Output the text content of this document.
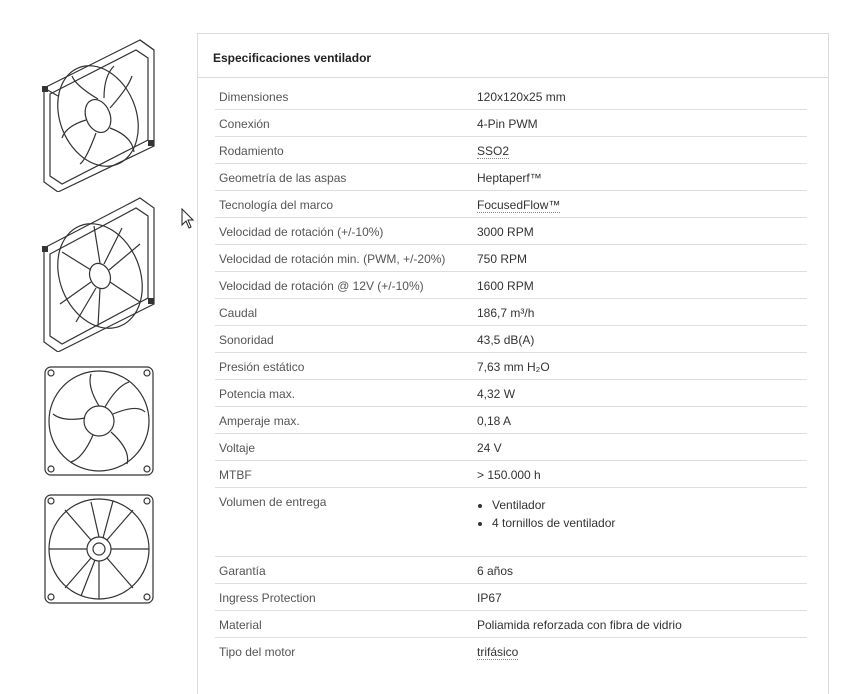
Especificaciones ventilador
Dimensiones	120x120x25 mm
Conexión	4-Pin PWM
Rodamiento	SSO2
Geometría de las aspas	Heptaperf™
Tecnología del marco	FocusedFlow™
Velocidad de rotación (+/-10%)	3000 RPM
Velocidad de rotación min. (PWM, +/-20%)	750 RPM
Velocidad de rotación @ 12V (+/-10%)	1600 RPM
Caudal	186,7 m³/h
Sonoridad	43,5 dB(A)
Presión estático	7,63 mm H₂O
Potencia max.	4,32 W
Amperaje max.	0,18 A
Voltaje	24 V
MTBF	> 150.000 h
Volumen de entrega
•	Ventilador
• 4 tornillos de ventilador
Garantía	6 años
Ingress Protection	IP67
Material	Poliamida reforzada con fibra de vidrio
Tipo del motor	trifásico
